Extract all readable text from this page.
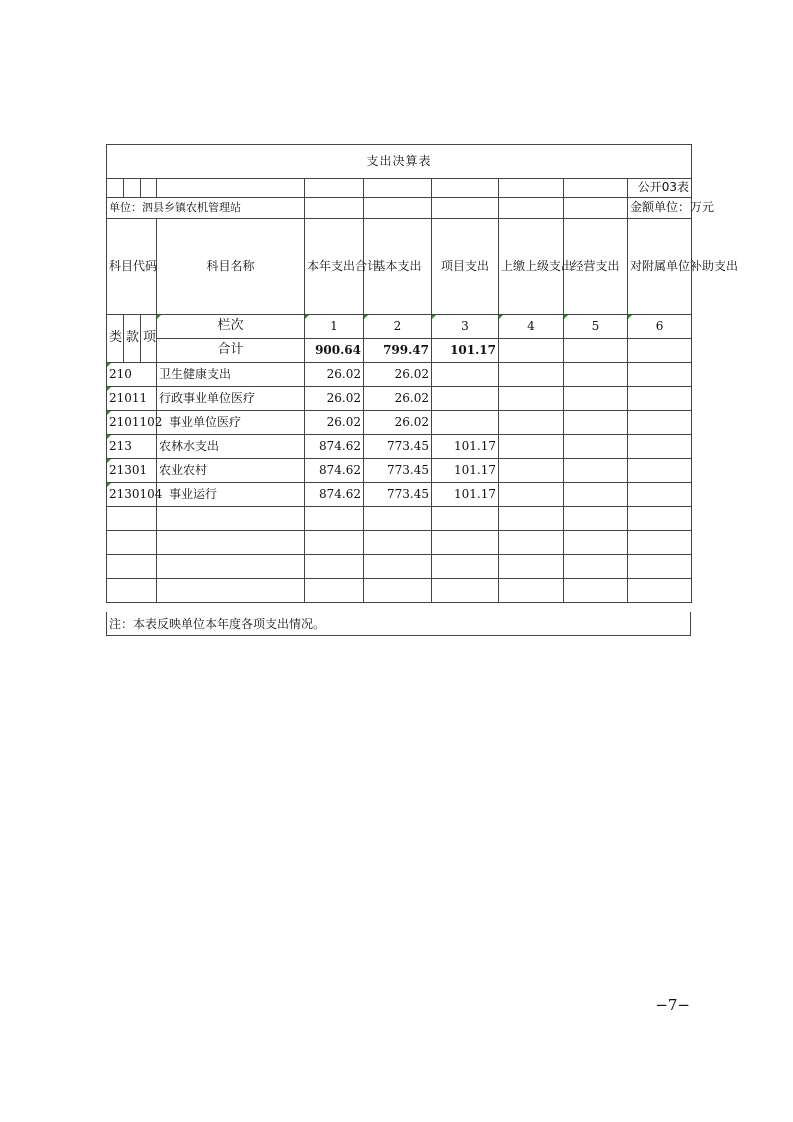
支出决算表									
									公开03表
单位：泗县乡镇农机管理站									金额单位：万元
科目代码			科目名称	本年支出合计	基本支出	项目支出	上缴上级支出	经营支出	对附属单位补助支出
类	款	项	栏次	1	2	3	4	5	6
			合计	900.64	799.47	101.17			
210			卫生健康支出	26.02	26.02				
21011			行政事业单位医疗	26.02	26.02				
2101102			事业单位医疗	26.02	26.02				
213			农林水支出	874.62	773.45	101.17			
21301			农业农村	874.62	773.45	101.17			
2130104			事业运行	874.62	773.45	101.17			

注：本表反映单位本年度各项支出情况。
−7−
